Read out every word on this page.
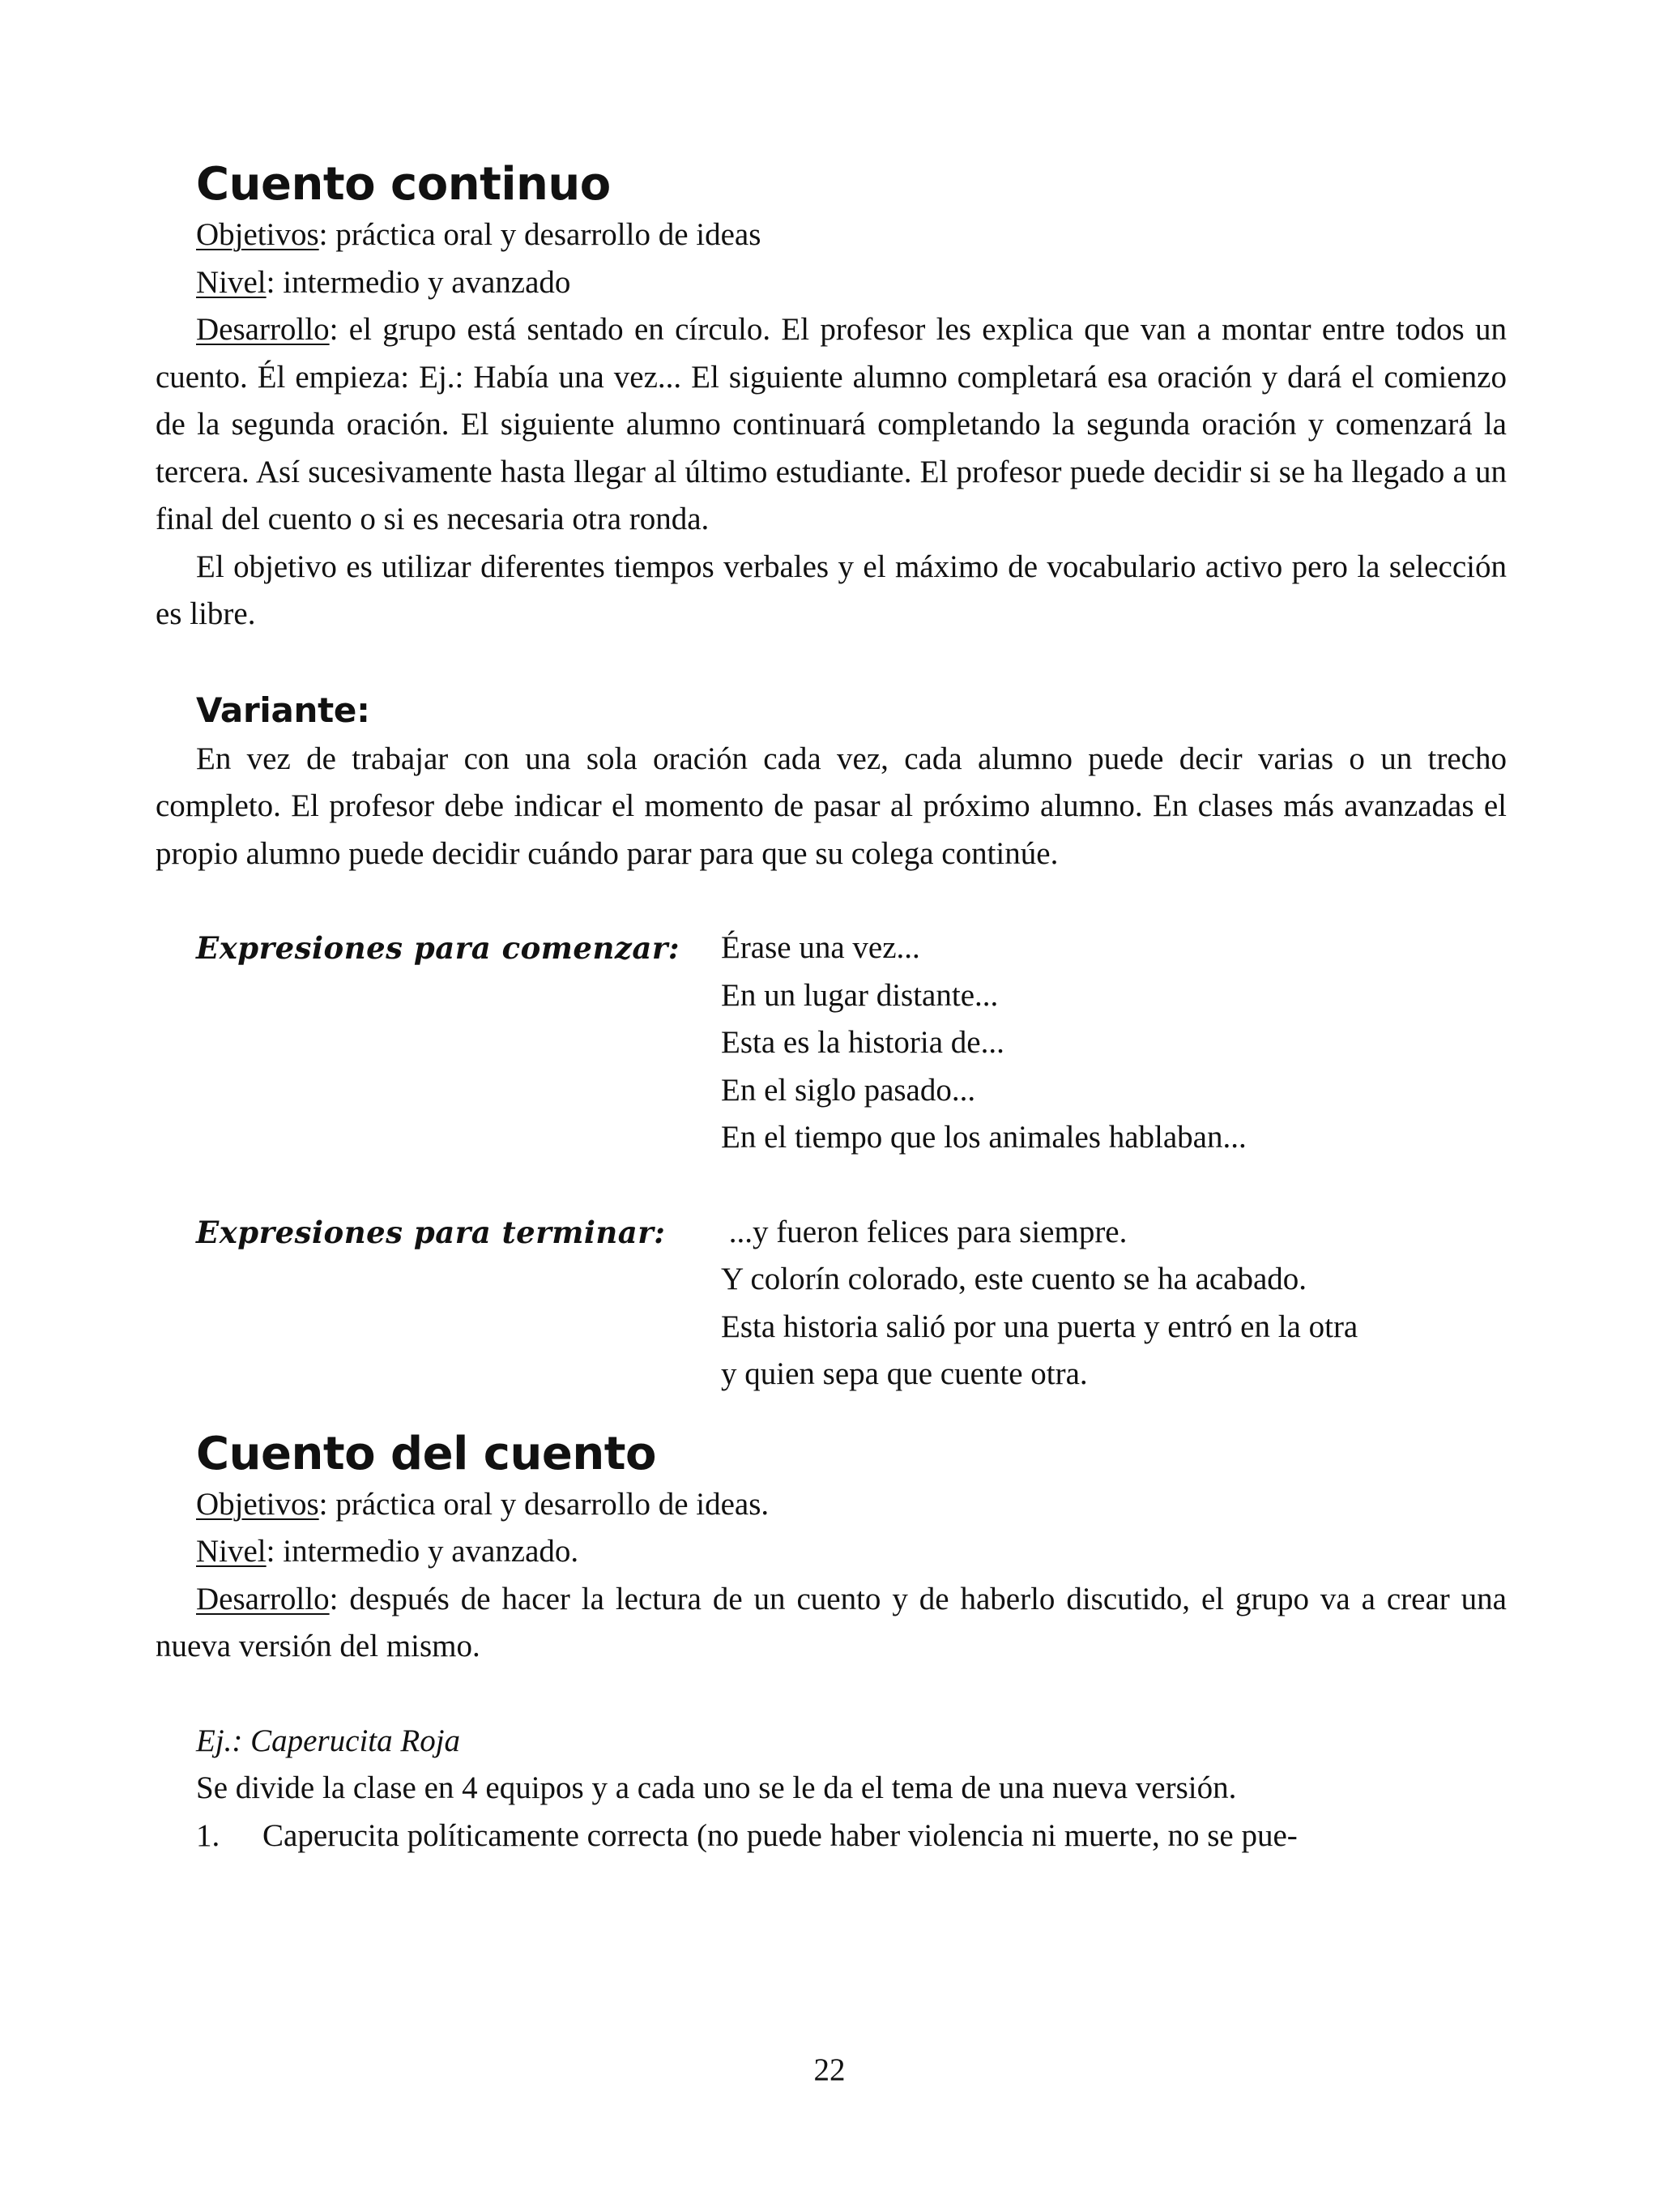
Cuento continuo

Objetivos: práctica oral y desarrollo de ideas

Nivel: intermedio y avanzado

Desarrollo: el grupo está sentado en círculo. El profesor les explica que van a montar entre todos un cuento. Él empieza: Ej.: Había una vez... El siguiente alumno completará esa oración y dará el comienzo de la segunda oración. El siguiente alumno continuará completando la segunda oración y comenzará la tercera. Así sucesivamente hasta llegar al último estudiante. El profesor puede decidir si se ha llegado a un final del cuento o si es necesaria otra ronda.

El objetivo es utilizar diferentes tiempos verbales y el máximo de vocabulario activo pero la selección es libre.

Variante:

En vez de trabajar con una sola oración cada vez, cada alumno puede decir varias o un trecho completo. El profesor debe indicar el momento de pasar al próximo alumno. En clases más avanzadas el propio alumno puede decidir cuándo parar para que su colega continúe.

Expresiones para comenzar:	Érase una vez...
En un lugar distante...
Esta es la historia de...
En el siglo pasado...
En el tiempo que los animales hablaban...
Expresiones para terminar:	...y fueron felices para siempre.
Y colorín colorado, este cuento se ha acabado.
Esta historia salió por una puerta y entró en la otra
y quien sepa que cuente otra.
Cuento del cuento

Objetivos: práctica oral y desarrollo de ideas.

Nivel: intermedio y avanzado.

Desarrollo: después de hacer la lectura de un cuento y de haberlo discutido, el grupo va a crear una nueva versión del mismo.

Ej.: Caperucita Roja

Se divide la clase en 4 equipos y a cada uno se le da el tema de una nueva versión.

1.	Caperucita políticamente correcta (no puede haber violencia ni muerte, no se pue-
22
